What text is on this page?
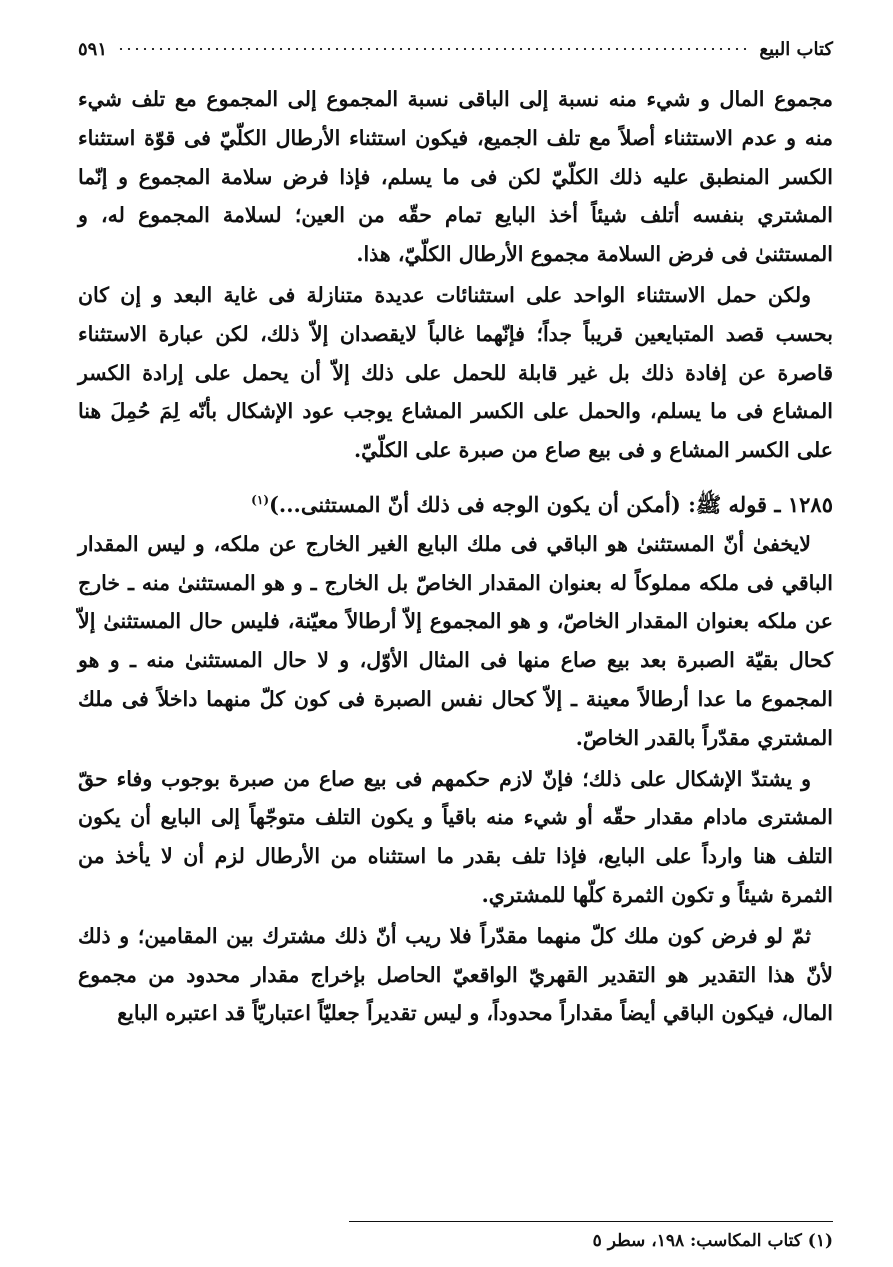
كتاب البيع
٥٩١

مجموع المال و شيء منه نسبة إلى الباقى نسبة المجموع إلى المجموع مع تلف شيء منه و عدم الاستثناء أصلاً مع تلف الجميع، فيكون استثناء الأرطال الكلّيّ فى قوّة استثناء الكسر المنطبق عليه ذلك الكلّيّ لكن فى ما يسلم، فإذا فرض سلامة المجموع و إنّما المشتري بنفسه أتلف شيئاً أخذ البايع تمام حقّه من العين؛ لسلامة المجموع له، و المستثنىٰ فى فرض السلامة مجموع الأرطال الكلّيّ، هذا.

ولكن حمل الاستثناء الواحد على استثنائات عديدة متنازلة فى غاية البعد و إن كان بحسب قصد المتبايعين قريباً جداً؛ فإنّهما غالباً لايقصدان إلاّ ذلك، لكن عبارة الاستثناء قاصرة عن إفادة ذلك بل غير قابلة للحمل على ذلك إلاّ أن يحمل على إرادة الكسر المشاع فى ما يسلم، والحمل على الكسر المشاع يوجب عود الإشكال بأنّه لِمَ حُمِلَ هنا على الكسر المشاع و فى بيع صاع من صبرة على الكلّيّ.

١٢٨٥ ـ قوله ﷺ: (أمكن أن يكون الوجه فى ذلك أنّ المستثنى...)$^{(١)}$

لايخفىٰ أنّ المستثنىٰ هو الباقي فى ملك البايع الغير الخارج عن ملكه، و ليس المقدار الباقي فى ملكه مملوكاً له بعنوان المقدار الخاصّ بل الخارج ـ و هو المستثنىٰ منه ـ خارج عن ملكه بعنوان المقدار الخاصّ، و هو المجموع إلاّ أرطالاً معيّنة، فليس حال المستثنىٰ إلاّ كحال بقيّة الصبرة بعد بيع صاع منها فى المثال الأوّل، و لا حال المستثنىٰ منه ـ و هو المجموع ما عدا أرطالاً معينة ـ إلاّ كحال نفس الصبرة فى كون كلّ منهما داخلاً فى ملك المشتري مقدّراً بالقدر الخاصّ.

و يشتدّ الإشكال على ذلك؛ فإنّ لازم حكمهم فى بيع صاع من صبرة بوجوب وفاء حقّ المشترى مادام مقدار حقّه أو شيء منه باقياً و يكون التلف متوجّهاً إلى البايع أن يكون التلف هنا وارداً على البايع، فإذا تلف بقدر ما استثناه من الأرطال لزم أن لا يأخذ من الثمرة شيئاً و تكون الثمرة كلّها للمشتري.

ثمّ لو فرض كون ملك كلّ منهما مقدّراً فلا ريب أنّ ذلك مشترك بين المقامين؛ و ذلك لأنّ هذا التقدير هو التقدير القهريّ الواقعيّ الحاصل بإخراج مقدار محدود من مجموع المال، فيكون الباقي أيضاً مقداراً محدوداً، و ليس تقديراً جعليّاً اعتباريّاً قد اعتبره البايع

(١) كتاب المكاسب: ١٩٨، سطر ٥
